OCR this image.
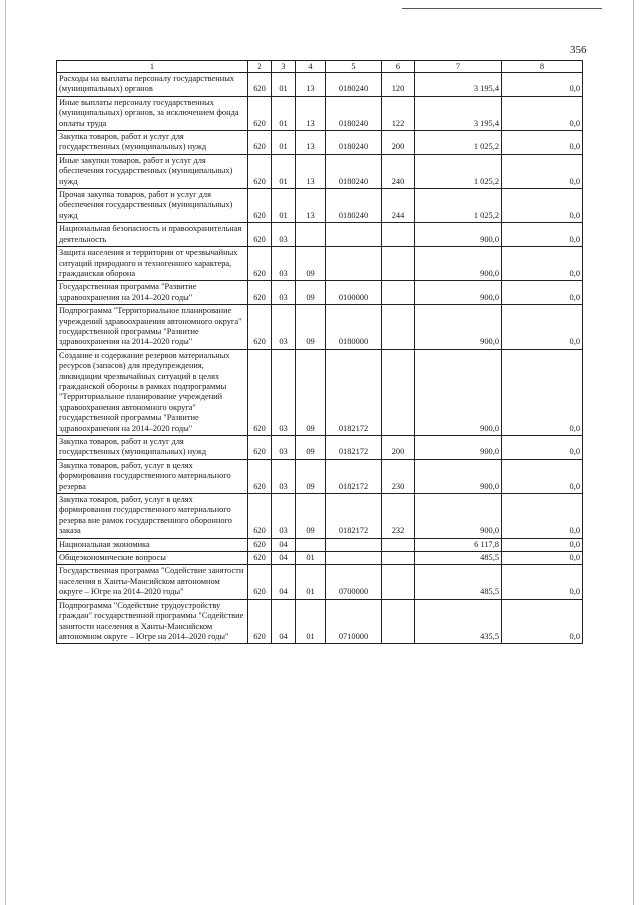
356
1	2	3	4	5	6	7	8
Расходы на выплаты персоналу государственных (муниципальных) органов	620	01	13	0180240	120	3 195,4	0,0
Иные выплаты персоналу государственных (муниципальных) органов, за исключением фонда оплаты труда	620	01	13	0180240	122	3 195,4	0,0
Закупка товаров, работ и услуг для государственных (муниципальных) нужд	620	01	13	0180240	200	1 025,2	0,0
Иные закупки товаров, работ и услуг для обеспечения государственных (муниципальных) нужд	620	01	13	0180240	240	1 025,2	0,0
Прочая закупка товаров, работ и услуг для обеспечения государственных (муниципальных) нужд	620	01	13	0180240	244	1 025,2	0,0
Национальная безопасность и правоохранительная деятельность	620	03				900,0	0,0
Защита населения и территории от чрезвычайных ситуаций природного и техногенного характера, гражданская оборона	620	03	09			900,0	0,0
Государственная программа "Развитие здравоохранения на 2014–2020 годы"	620	03	09	0100000		900,0	0,0
Подпрограмма "Территориальное планирование учреждений здравоохранения автономного округа" государственной программы "Развитие здравоохранения на 2014–2020 годы"	620	03	09	0180000		900,0	0,0
Создание и содержание резервов материальных ресурсов (запасов) для предупреждения, ликвидации чрезвычайных ситуаций в целях гражданской обороны в рамках подпрограммы "Территориальное планирование учреждений здравоохранения автономного округа" государственной программы "Развитие здравоохранения на 2014–2020 годы"	620	03	09	0182172		900,0	0,0
Закупка товаров, работ и услуг для государственных (муниципальных) нужд	620	03	09	0182172	200	900,0	0,0
Закупка товаров, работ, услуг в целях формирования государственного материального резерва	620	03	09	0182172	230	900,0	0,0
Закупка товаров, работ, услуг в целях формирования государственного материального резерва вне рамок государственного оборонного заказа	620	03	09	0182172	232	900,0	0,0
Национальная экономика	620	04				6 117,8	0,0
Общеэкономические вопросы	620	04	01			485,5	0,0
Государственная программа "Содействие занятости населения в Ханты-Мансийском автономном округе – Югре на 2014–2020 годы"	620	04	01	0700000		485,5	0,0
Подпрограмма "Содействие трудоустройству граждан" государственной программы "Содействие занятости населения в Ханты-Мансийском автономном округе – Югре на 2014–2020 годы"	620	04	01	0710000		435,5	0,0
